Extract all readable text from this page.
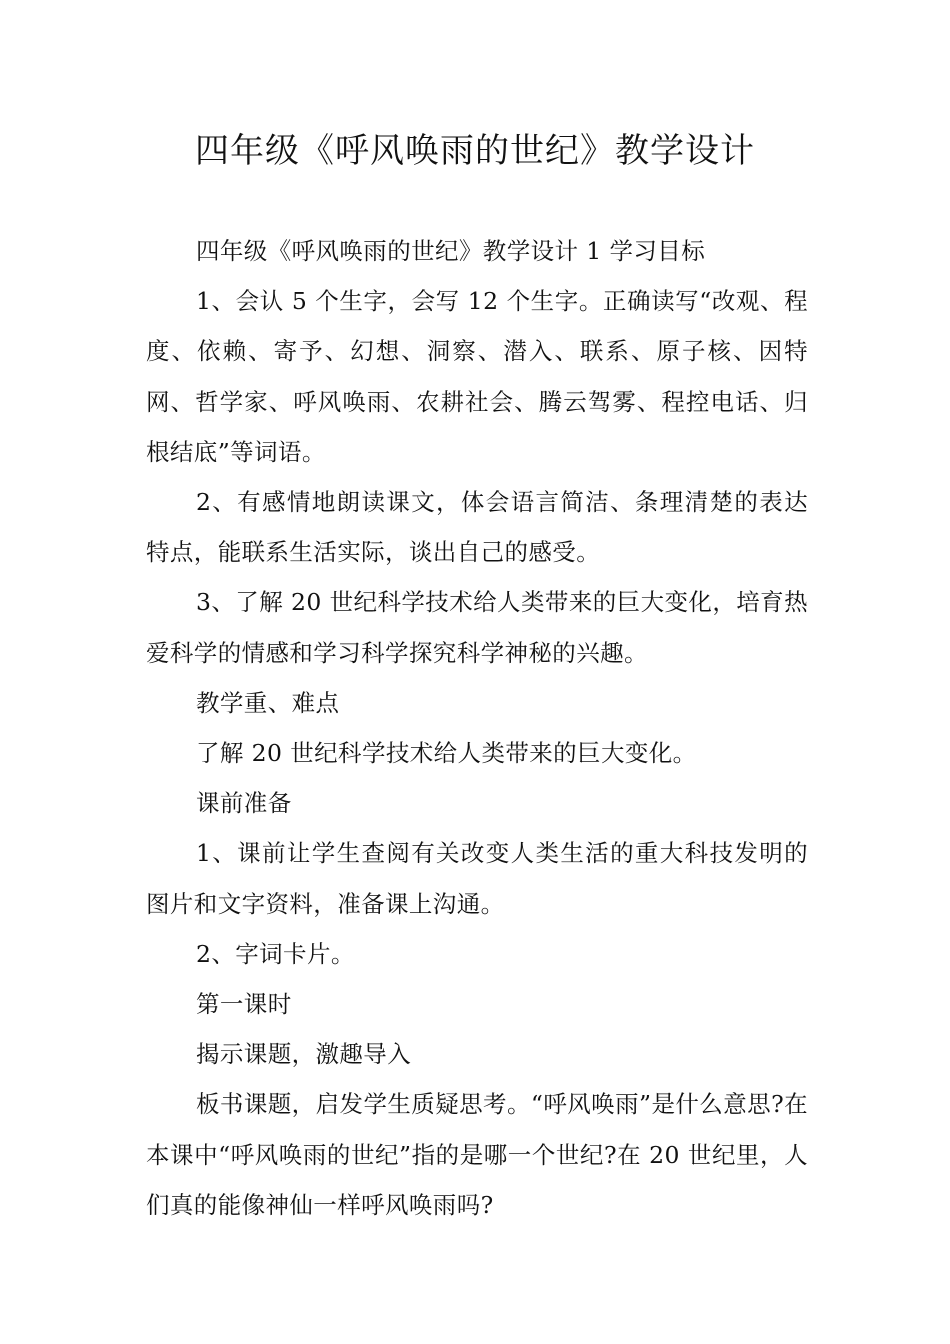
四年级《呼风唤雨的世纪》教学设计

四年级《呼风唤雨的世纪》教学设计 1 学习目标

1、会认 5 个生字，会写 12 个生字。正确读写“改观、程度、依赖、寄予、幻想、洞察、潜入、联系、原子核、因特网、哲学家、呼风唤雨、农耕社会、腾云驾雾、程控电话、归根结底”等词语。

2、有感情地朗读课文，体会语言简洁、条理清楚的表达特点，能联系生活实际，谈出自己的感受。

3、了解 20 世纪科学技术给人类带来的巨大变化，培育热爱科学的情感和学习科学探究科学神秘的兴趣。

教学重、难点

了解 20 世纪科学技术给人类带来的巨大变化。

课前准备

1、课前让学生查阅有关改变人类生活的重大科技发明的图片和文字资料，准备课上沟通。

2、字词卡片。

第一课时

揭示课题，激趣导入

板书课题，启发学生质疑思考。“呼风唤雨”是什么意思?在本课中“呼风唤雨的世纪”指的是哪一个世纪?在 20 世纪里，人们真的能像神仙一样呼风唤雨吗?
